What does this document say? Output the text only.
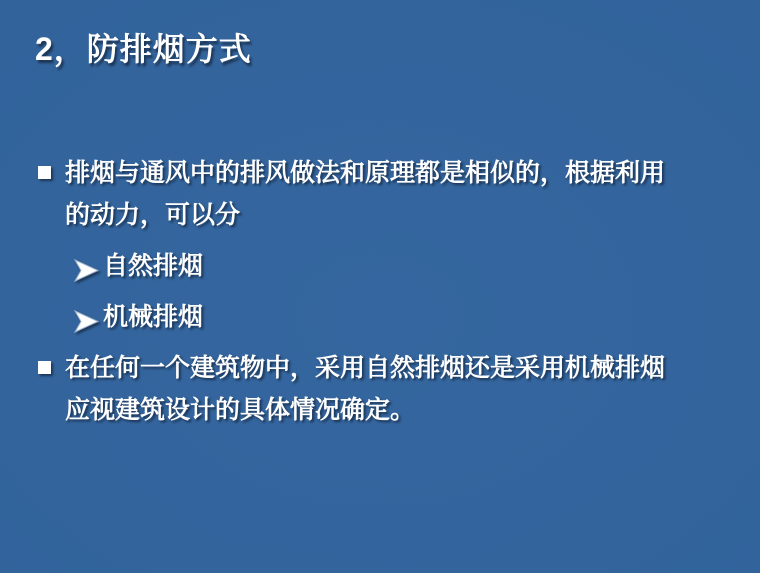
2，防排烟方式
排烟与通风中的排风做法和原理都是相似的，根据利用
的动力，可以分
自然排烟
机械排烟
在任何一个建筑物中，采用自然排烟还是采用机械排烟
应视建筑设计的具体情况确定。
